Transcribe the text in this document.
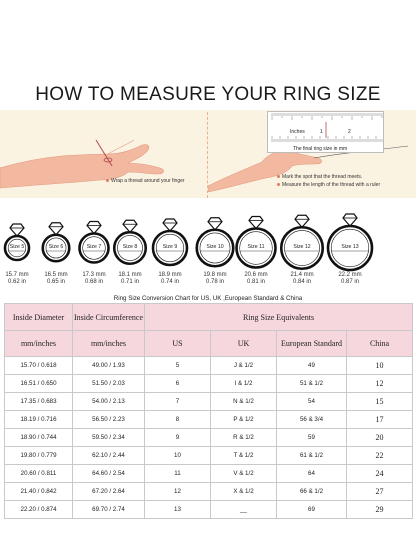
HOW TO MEASURE YOUR RING SIZE
Wrap a thread around your finger
Mark the spot that the thread meets.
Measure the length of the thread with a ruler
Inches	1	2
The final ring size in mm
Size 5
15.7 mm
0.62 in
Size 6
16.5 mm
0.65 in
Size 7
17.3 mm
0.68 in
Size 8
18.1 mm
0.71 in
Size 9
18.9 mm
0.74 in
Size 10
19.8 mm
0.78 in
Size 11
20.6 mm
0.81 in
Size 12
21.4 mm
0.84 in
Size 13
22.2 mm
0.87 in
Ring Size Conversion Chart for US, UK ,European Standard & China
Inside Diameter	Inside Circumference	Ring Size Equivalents			
mm/inches	mm/inches	US	UK	European Standard	China
15.70 / 0.618	49.00 / 1.93	5	J & 1/2	49	10
16.51 / 0.650	51.50 / 2.03	6	I & 1/2	51 & 1/2	12
17.35 / 0.683	54.00 / 2.13	7	N & 1/2	54	15
18.19 / 0.716	56.50 / 2.23	8	P & 1/2	56 & 3/4	17
18.90 / 0.744	59.50 / 2.34	9	R & 1/2	59	20
19.80 / 0.779	62.10 / 2.44	10	T & 1/2	61 & 1/2	22
20.60 / 0.811	64.60 / 2.54	11	V & 1/2	64	24
21.40 / 0.842	67.20 / 2.64	12	X & 1/2	66 & 1/2	27
22.20 / 0.874	69.70 / 2.74	13	__	69	29
